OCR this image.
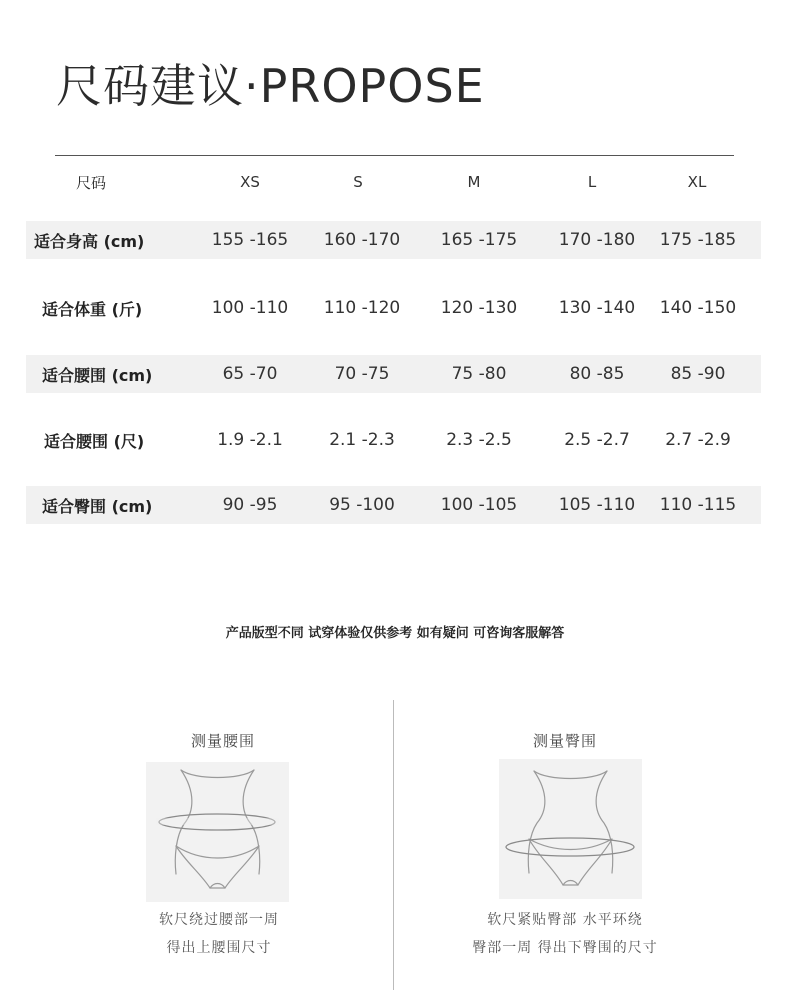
尺码建议·PROPOSE
尺码	XS	S	M	L	XL
适合身高 (cm)	155 -165	160 -170	165 -175	170 -180	175 -185
适合体重 (斤)	100 -110	110 -120	120 -130	130 -140	140 -150
适合腰围 (cm)	65 -70	70 -75	75 -80	80 -85	85 -90
适合腰围 (尺)	1.9 -2.1	2.1 -2.3	2.3 -2.5	2.5 -2.7	2.7 -2.9
适合臀围 (cm)	90 -95	95 -100	100 -105	105 -110	110 -115
产品版型不同 试穿体验仅供参考 如有疑问 可咨询客服解答
测量腰围
软尺绕过腰部一周
得出上腰围尺寸
测量臀围
软尺紧贴臀部 水平环绕
臀部一周 得出下臀围的尺寸
